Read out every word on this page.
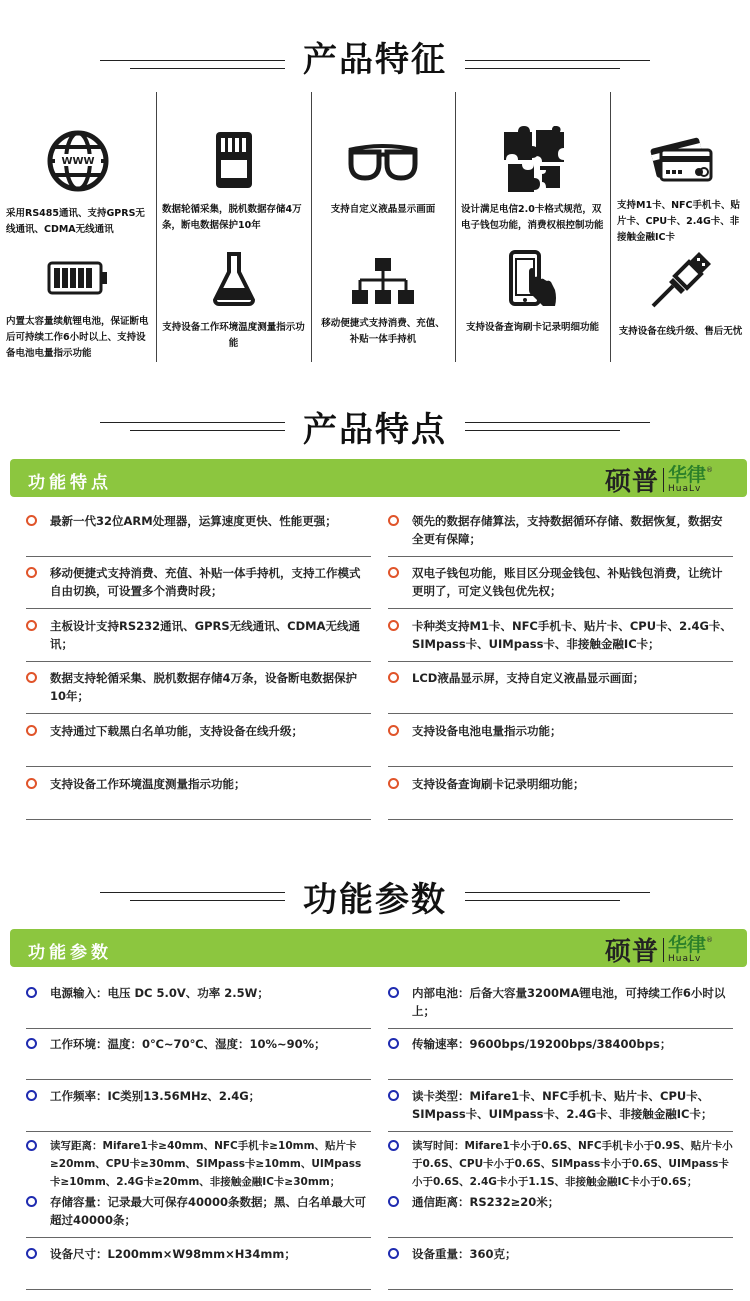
产品特征
WWW
采用RS485通讯、支持GPRS无线通讯、CDMA无线通讯
内置太容量续航锂电池，保证断电后可持续工作6小时以上、支持设备电池电量指示功能
数据轮循采集，脱机数据存储4万条，断电数据保护10年
支持设备工作环境温度测量指示功能
支持自定义液晶显示画面
移动便捷式支持消费、充值、补贴一体手持机
设计满足电信2.0卡格式规范，双电子钱包功能，消费权根控制功能
支持设备查询刷卡记录明细功能
支持M1卡、NFC手机卡、贴片卡、CPU卡、2.4G卡、非接触金融IC卡
支持设备在线升级、售后无忧
产品特点
功能特点	硕普 华律
HuaLv
®
最新一代32位ARM处理器，运算速度更快、性能更强；	领先的数据存储算法，支持数据循环存储、数据恢复，数据安全更有保障；
移动便捷式支持消费、充值、补贴一体手持机，支持工作模式自由切换，可设置多个消费时段；
双电子钱包功能，账目区分现金钱包、补贴钱包消费，让统计更明了，可定义钱包优先权；
主板设计支持RS232通讯、GPRS无线通讯、CDMA无线通讯；
卡种类支持M1卡、NFC手机卡、贴片卡、CPU卡、2.4G卡、SIMpass卡、UIMpass卡、非接触金融IC卡；
数据支持轮循采集、脱机数据存储4万条，设备断电数据保护10年；
LCD液晶显示屏，支持自定义液晶显示画面；
支持通过下载黑白名单功能，支持设备在线升级；	支持设备电池电量指示功能；
支持设备工作环境温度测量指示功能；	支持设备查询刷卡记录明细功能；
功能参数
功能参数	硕普 华律
HuaLv
®
电源输入：电压 DC 5.0V、功率 2.5W；	内部电池：后备大容量3200MA锂电池，可持续工作6小时以上；
工作环境：温度：0℃~70℃、湿度：10%~90%；	传输速率：9600bps/19200bps/38400bps；
工作频率：IC类别13.56MHz、2.4G；	读卡类型：Mifare1卡、NFC手机卡、贴片卡、CPU卡、SIMpass卡、UIMpass卡、2.4G卡、非接触金融IC卡；
读写距离：Mifare1卡≥40mm、NFC手机卡≥10mm、贴片卡≥20mm、CPU卡≥30mm、SIMpass卡≥10mm、UIMpass卡≥10mm、2.4G卡≥20mm、非接触金融IC卡≥30mm；
读写时间：Mifare1卡小于0.6S、NFC手机卡小于0.9S、贴片卡小于0.6S、CPU卡小于0.6S、SIMpass卡小于0.6S、UIMpass卡小于0.6S、2.4G卡小于1.1S、非接触金融IC卡小于0.6S；
存储容量：记录最大可保存40000条数据；黑、白名单最大可超过40000条；
通信距离：RS232≥20米；
设备尺寸：L200mm×W98mm×H34mm；	设备重量：360克；
